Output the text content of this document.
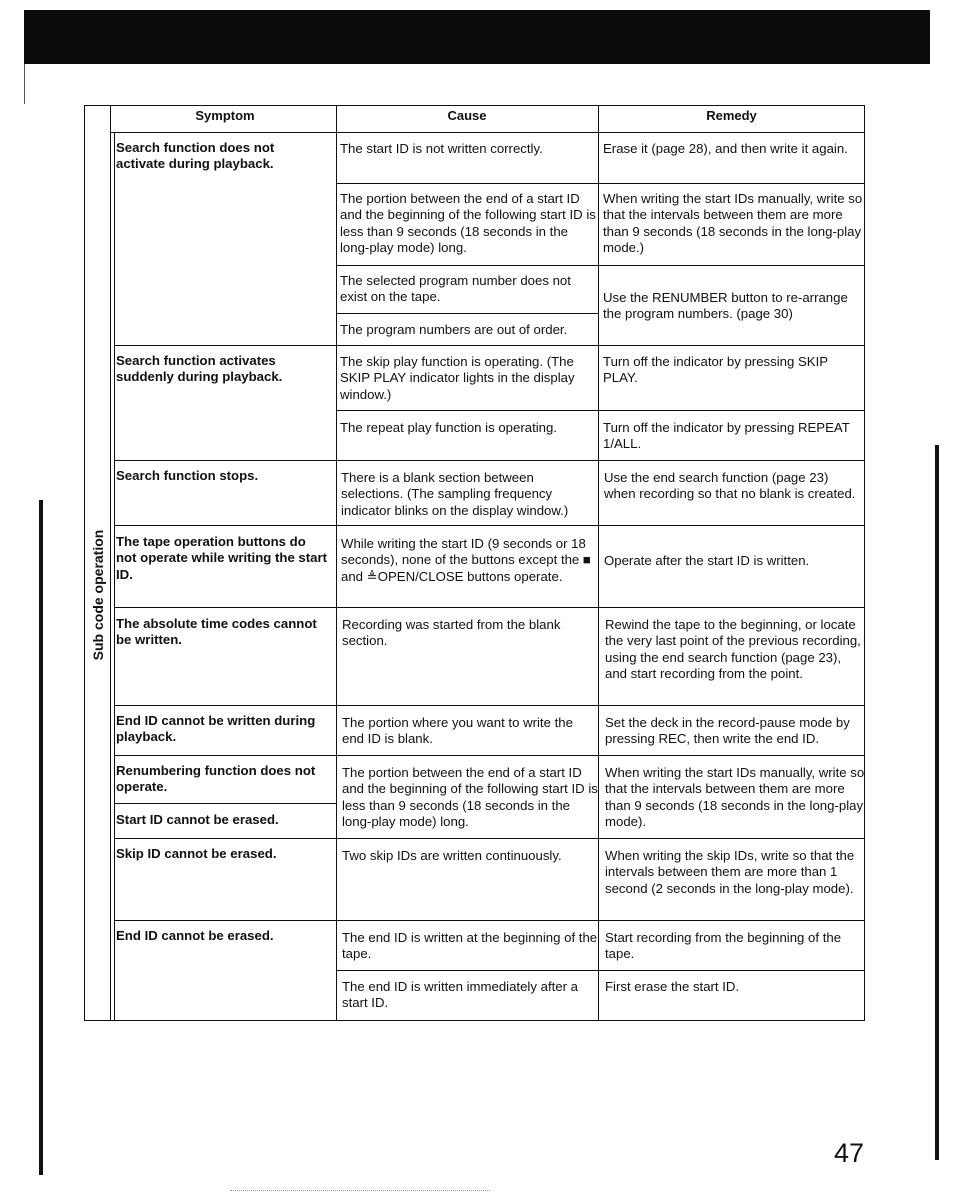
Symptom	Cause	Remedy
Sub code operation
Search function does not activate during playback.
Search function activates suddenly during playback.
Search function stops.
The tape operation buttons do not operate while writing the start ID.
The absolute time codes cannot be written.
End ID cannot be written during playback.
Renumbering function does not operate.
Start ID cannot be erased.
Skip ID cannot be erased.
End ID cannot be erased.
The start ID is not written correctly.
The portion between the end of a start ID and the beginning of the following start ID is less than 9 seconds (18 seconds in the long-play mode) long.
The selected program number does not exist on the tape.
The program numbers are out of order.
The skip play function is operating. (The SKIP PLAY indicator lights in the display window.)
The repeat play function is operating.
There is a blank section between selections. (The sampling frequency indicator blinks on the display window.)
While writing the start ID (9 seconds or 18 seconds), none of the buttons except the ■ and ≜OPEN/CLOSE buttons operate.
Recording was started from the blank section.
The portion where you want to write the end ID is blank.
The portion between the end of a start ID and the beginning of the following start ID is less than 9 seconds (18 seconds in the long-play mode) long.
Two skip IDs are written continuously.
The end ID is written at the beginning of the tape.
The end ID is written immediately after a start ID.
Erase it (page 28), and then write it again.
When writing the start IDs manually, write so that the intervals between them are more than 9 seconds (18 seconds in the long-play mode.)
Use the RENUMBER button to re-arrange the program numbers. (page 30)
Turn off the indicator by pressing SKIP PLAY.
Turn off the indicator by pressing REPEAT 1/ALL.
Use the end search function (page 23) when recording so that no blank is created.
Operate after the start ID is written.
Rewind the tape to the beginning, or locate the very last point of the previous recording, using the end search function (page 23), and start recording from the point.
Set the deck in the record-pause mode by pressing REC, then write the end ID.
When writing the start IDs manually, write so that the intervals between them are more than 9 seconds (18 seconds in the long-play mode).
When writing the skip IDs, write so that the intervals between them are more than 1 second (2 seconds in the long-play mode).
Start recording from the beginning of the tape.
First erase the start ID.
47
